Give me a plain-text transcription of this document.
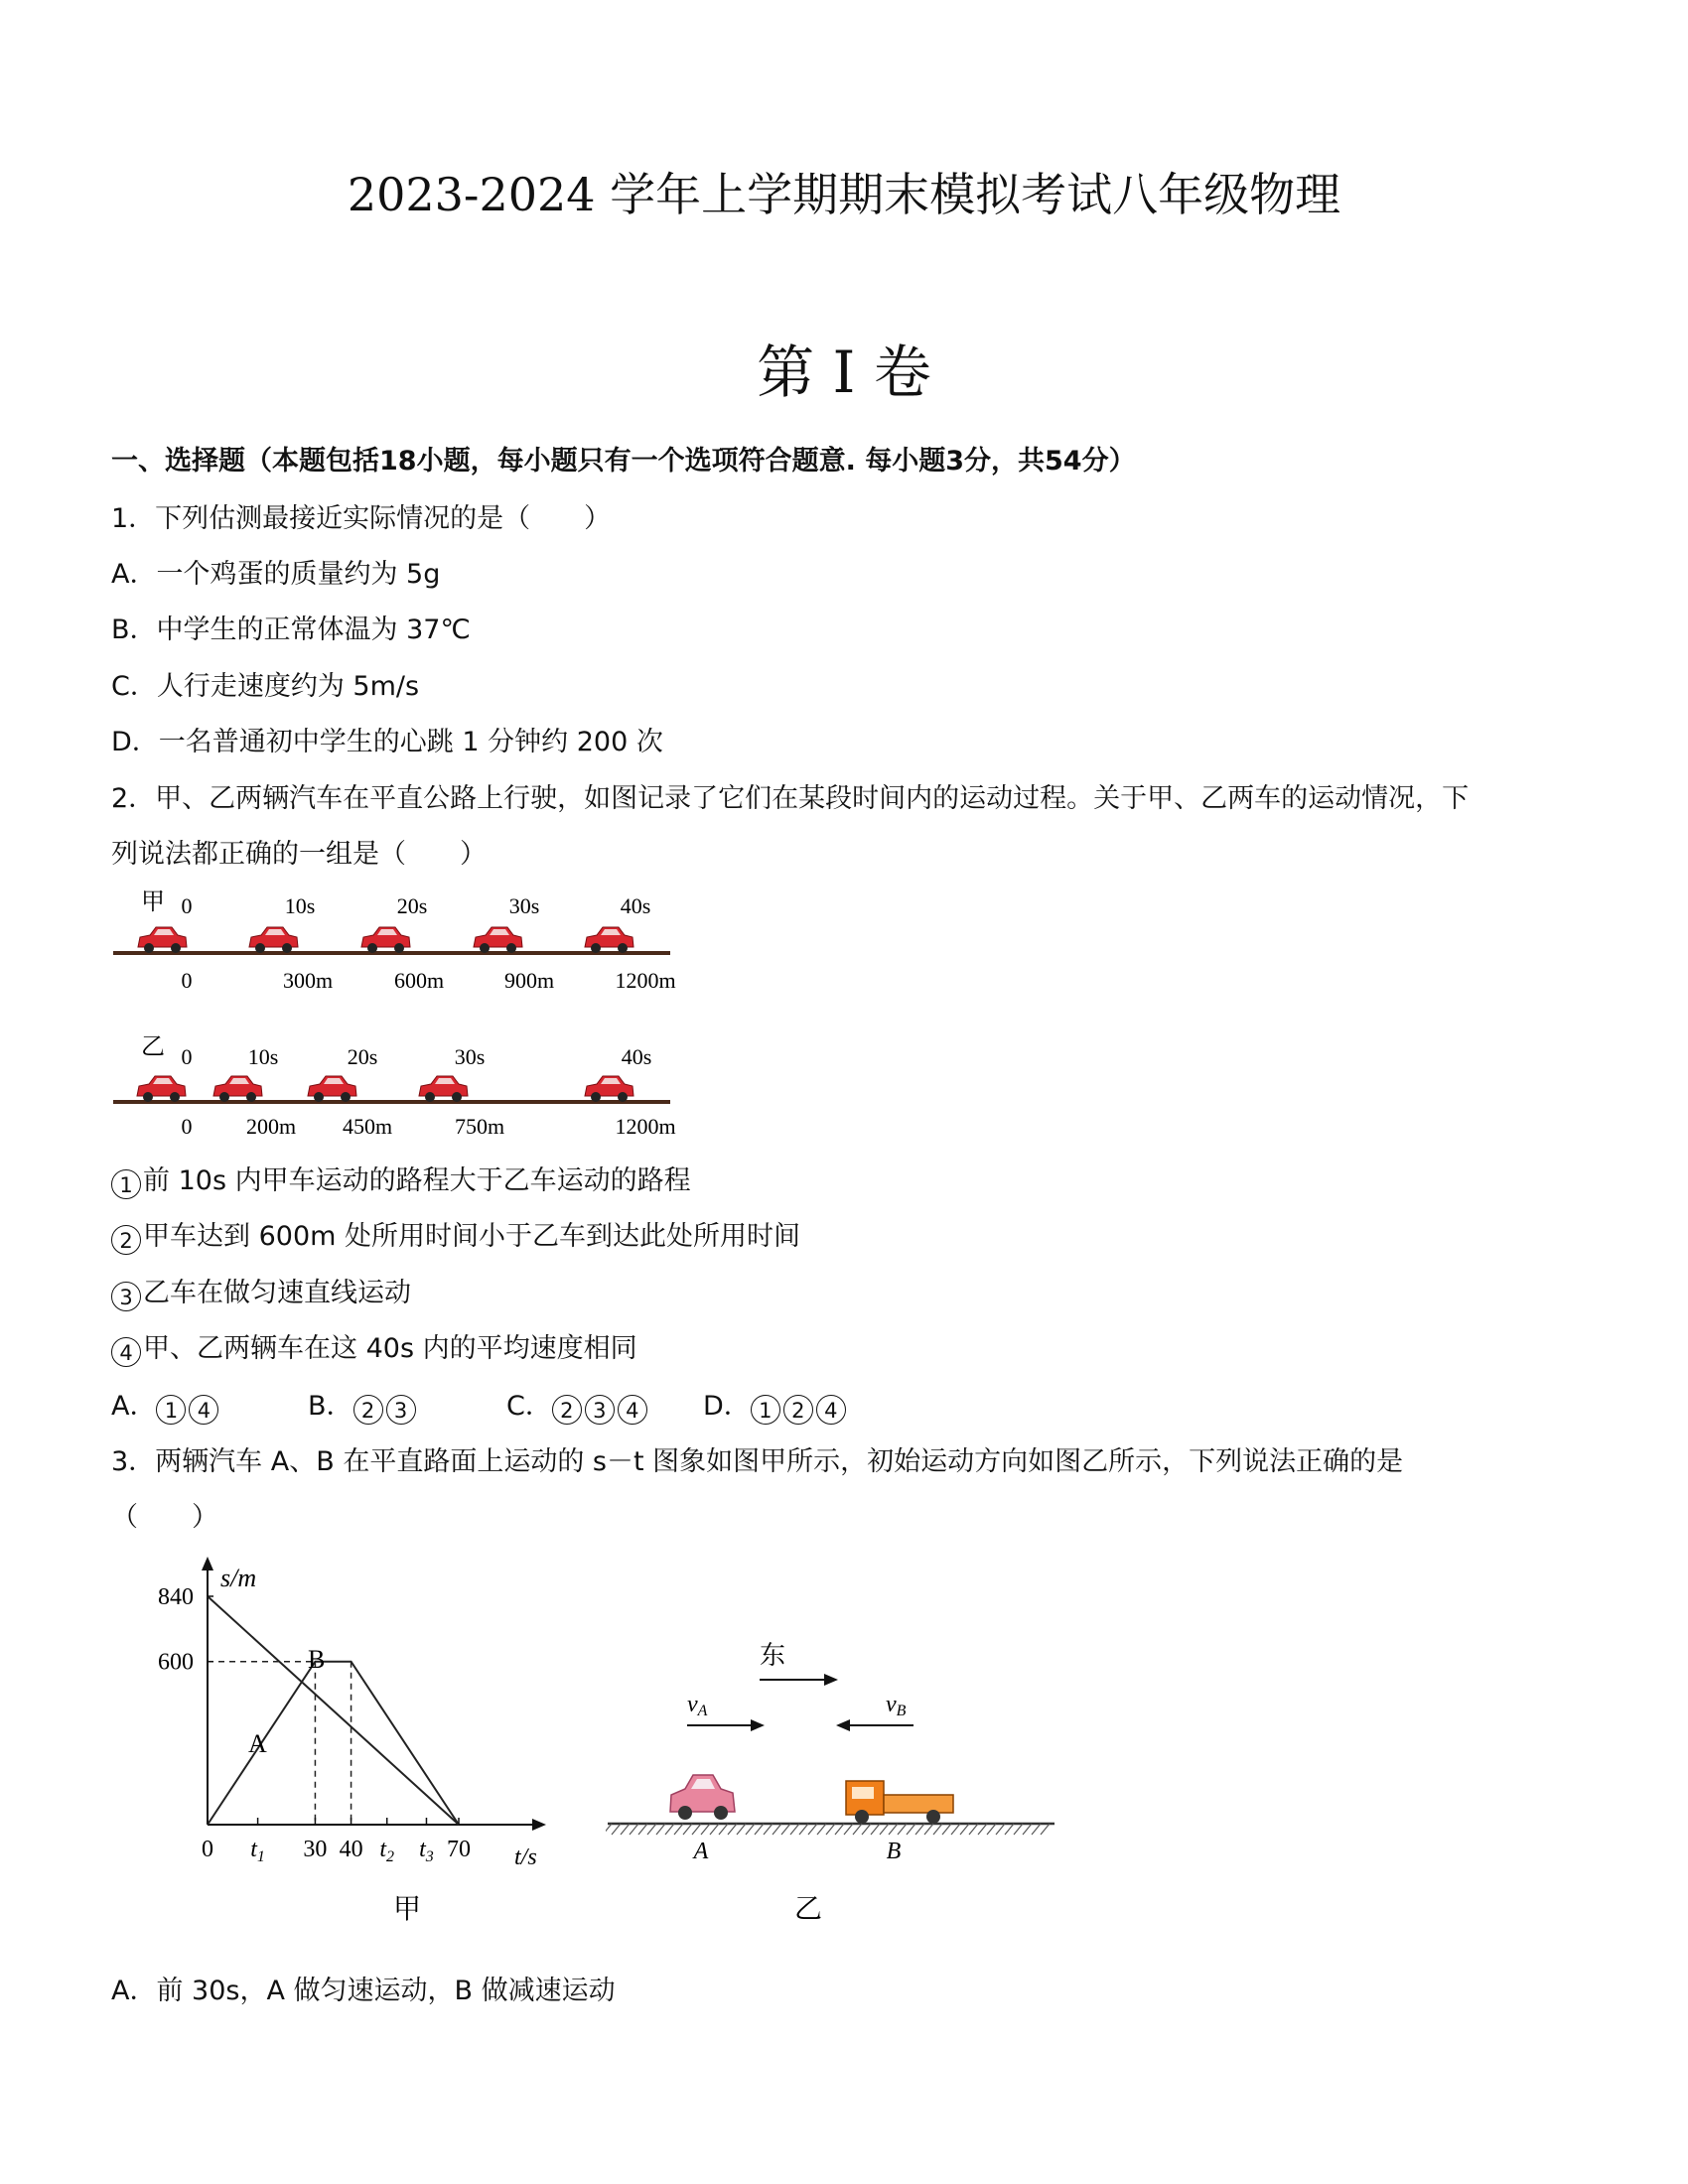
2023-2024 学年上学期期末模拟考试八年级物理
第 I 卷
一、选择题（本题包括18小题，每小题只有一个选项符合题意. 每小题3分，共54分）
1．下列估测最接近实际情况的是（　　）
A．一个鸡蛋的质量约为 5g
B．中学生的正常体温为 37℃
C．人行走速度约为 5m/s
D．一名普通初中学生的心跳 1 分钟约 200 次
2．甲、乙两辆汽车在平直公路上行驶，如图记录了它们在某段时间内的运动过程。关于甲、乙两车的运动情况，下
列说法都正确的一组是（　　）
甲 0	10s	20s	30s	40s
0	300m	600m	900m	1200m
乙 0	10s	20s	30s	40s
0 200m 450m	750m	1200m
1 前 10s 内甲车运动的路程大于乙车运动的路程
2 甲车达到 600m 处所用时间小于乙车到达此处所用时间
3 乙车在做匀速直线运动
4 甲、乙两辆车在这 40s 内的平均速度相同
A． 1 4	B． 2 3	C． 2 3 4	D． 1 2 4
3．两辆汽车 A、B 在平直路面上运动的 s－t 图象如图甲所示，初始运动方向如图乙所示，下列说法正确的是
（　　）
840
600
0 $t_1$ 30 40 $t_2$ $t_3$ 70
s/m
t/s
B
A
甲
东
vA	vB
A	B
乙
A．前 30s，A 做匀速运动，B 做减速运动
